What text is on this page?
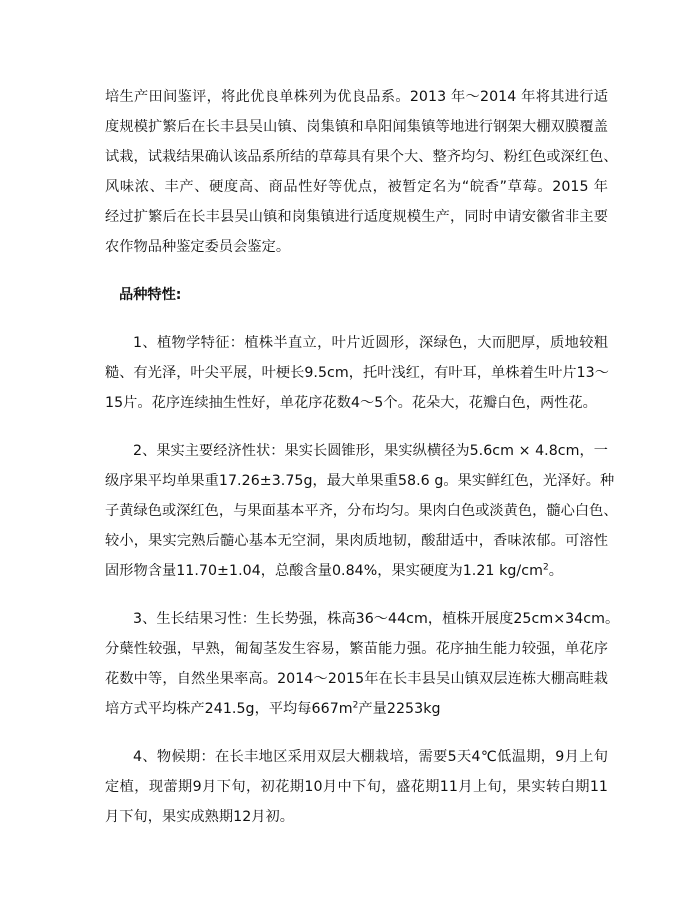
培生产田间鉴评，将此优良单株列为优良品系。2013 年～2014 年将其进行适
度规模扩繁后在长丰县吴山镇、岗集镇和阜阳闻集镇等地进行钢架大棚双膜覆盖
试栽，试栽结果确认该品系所结的草莓具有果个大、整齐均匀、粉红色或深红色、
风味浓、丰产、硬度高、商品性好等优点，被暂定名为“皖香”草莓。2015 年
经过扩繁后在长丰县吴山镇和岗集镇进行适度规模生产，同时申请安徽省非主要
农作物品种鉴定委员会鉴定。
品种特性:
1、植物学特征：植株半直立，叶片近圆形，深绿色，大而肥厚，质地较粗
糙、有光泽，叶尖平展，叶梗长9.5cm，托叶浅红，有叶耳，单株着生叶片13～
15片。花序连续抽生性好，单花序花数4～5个。花朵大，花瓣白色，两性花。
2、果实主要经济性状：果实长圆锥形，果实纵横径为5.6cm × 4.8cm，一
级序果平均单果重17.26±3.75g，最大单果重58.6 g。果实鲜红色，光泽好。种
子黄绿色或深红色，与果面基本平齐，分布均匀。果肉白色或淡黄色，髓心白色、
较小，果实完熟后髓心基本无空洞，果肉质地韧，酸甜适中，香味浓郁。可溶性
固形物含量11.70±1.04，总酸含量0.84%，果实硬度为1.21 $kg/cm^2$。
3、生长结果习性：生长势强，株高36～44cm，植株开展度25cm×34cm。
分蘖性较强，早熟，匍匐茎发生容易，繁苗能力强。花序抽生能力较强，单花序
花数中等，自然坐果率高。2014～2015年在长丰县吴山镇双层连栋大棚高畦栽
培方式平均株产241.5g，平均每$667m^2$产量2253kg
4、物候期：在长丰地区采用双层大棚栽培，需要5天4℃低温期，9月上旬
定植，现蕾期9月下旬，初花期10月中下旬，盛花期11月上旬，果实转白期11
月下旬，果实成熟期12月初。
